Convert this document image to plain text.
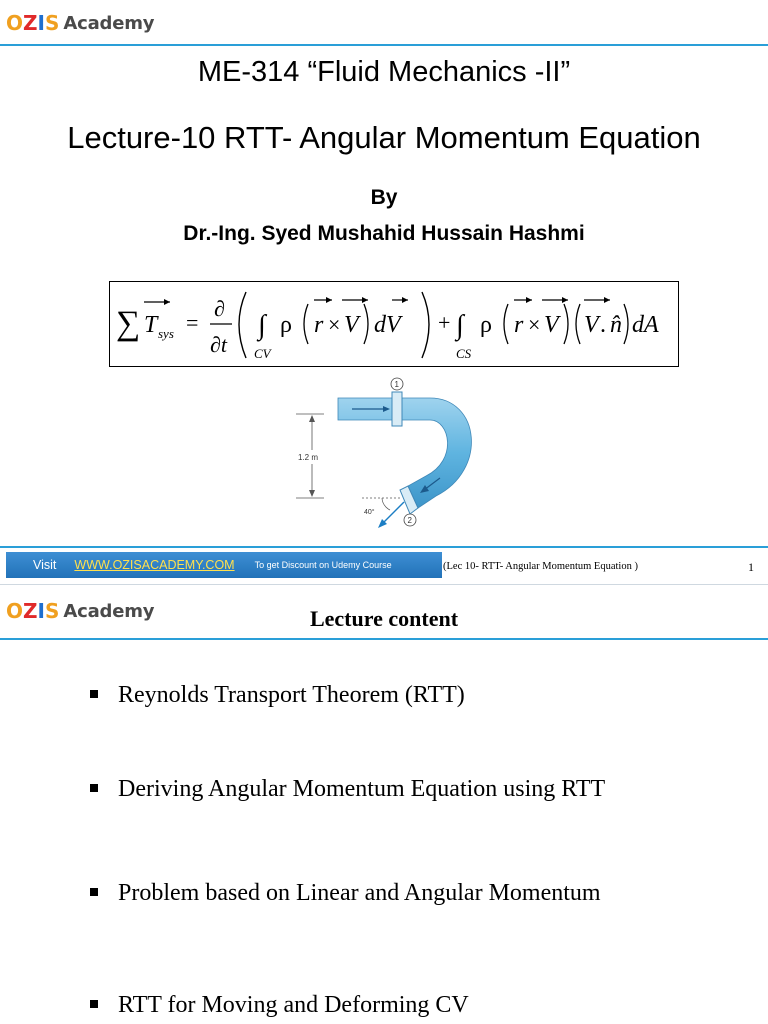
O Z I S Academy
ME-314 “Fluid Mechanics -II”
Lecture-10 RTT- Angular Momentum Equation
By
Dr.-Ing. Syed Mushahid Hussain Hashmi
∑ T sys =
∂
∂t
∫
CV
ρ r × V dV + ∫
CS
ρ r × V V . n̂ dA
1.2 m
40°
1
2
Visit WWW.OZISACADEMY.COM To get Discount on Udemy Course	(Lec 10- RTT- Angular Momentum Equation )	1
O Z I S Academy	Lecture content
Reynolds Transport Theorem (RTT)
Deriving Angular Momentum Equation using RTT
Problem based on Linear and Angular Momentum
RTT for Moving and Deforming CV
